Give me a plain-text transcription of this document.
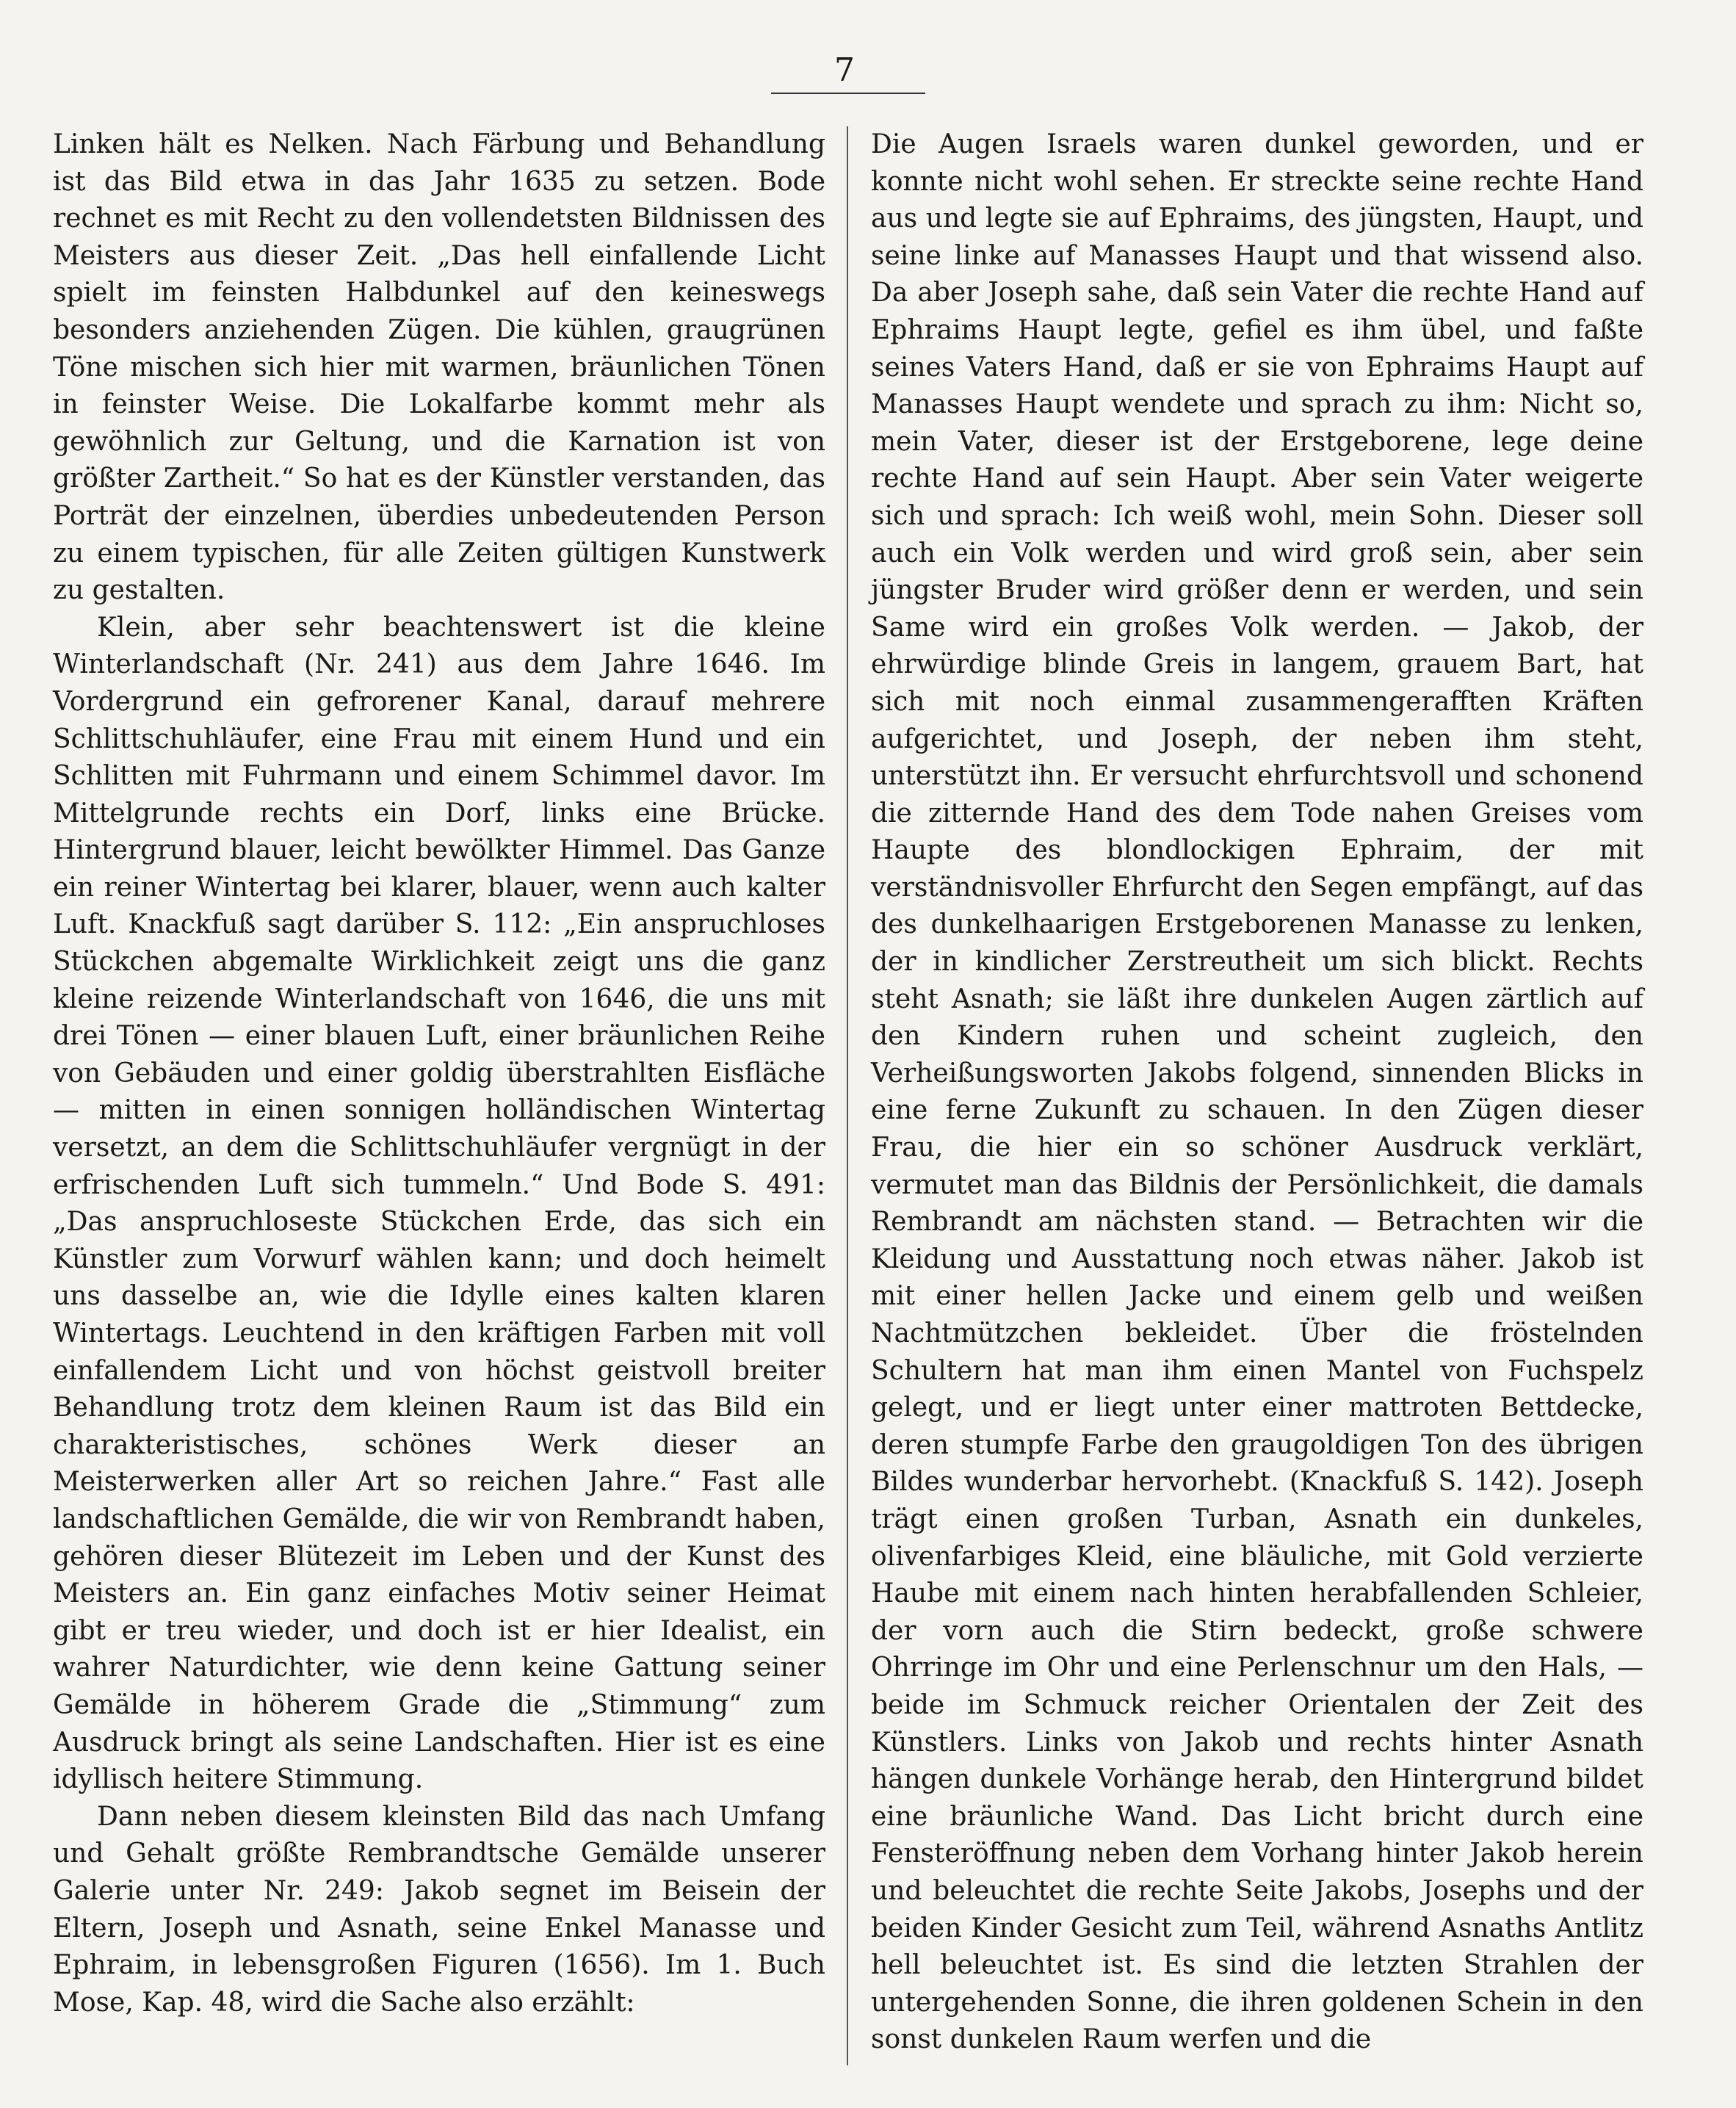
7

Linken hält es Nelken. Nach Färbung und Behandlung ist das Bild etwa in das Jahr 1635 zu setzen. Bode rechnet es mit Recht zu den vollendetsten Bildnissen des Meisters aus dieser Zeit. „Das hell einfallende Licht spielt im feinsten Halbdunkel auf den keineswegs besonders anziehenden Zügen. Die kühlen, graugrünen Töne mischen sich hier mit warmen, bräunlichen Tönen in feinster Weise. Die Lokalfarbe kommt mehr als gewöhnlich zur Geltung, und die Karnation ist von größter Zartheit.“ So hat es der Künstler verstanden, das Porträt der einzelnen, überdies unbedeutenden Person zu einem typischen, für alle Zeiten gültigen Kunstwerk zu gestalten.

Klein, aber sehr beachtenswert ist die kleine Winterlandschaft (Nr. 241) aus dem Jahre 1646. Im Vordergrund ein gefrorener Kanal, darauf mehrere Schlittschuhläufer, eine Frau mit einem Hund und ein Schlitten mit Fuhrmann und einem Schimmel davor. Im Mittelgrunde rechts ein Dorf, links eine Brücke. Hintergrund blauer, leicht bewölkter Himmel. Das Ganze ein reiner Wintertag bei klarer, blauer, wenn auch kalter Luft. Knackfuß sagt darüber S. 112: „Ein anspruchloses Stückchen abgemalte Wirklichkeit zeigt uns die ganz kleine reizende Winterlandschaft von 1646, die uns mit drei Tönen — einer blauen Luft, einer bräunlichen Reihe von Gebäuden und einer goldig überstrahlten Eisfläche — mitten in einen sonnigen holländischen Wintertag versetzt, an dem die Schlittschuhläufer vergnügt in der erfrischenden Luft sich tummeln.“ Und Bode S. 491: „Das anspruchloseste Stückchen Erde, das sich ein Künstler zum Vorwurf wählen kann; und doch heimelt uns dasselbe an, wie die Idylle eines kalten klaren Wintertags. Leuchtend in den kräftigen Farben mit voll einfallendem Licht und von höchst geistvoll breiter Behandlung trotz dem kleinen Raum ist das Bild ein charakteristisches, schönes Werk dieser an Meisterwerken aller Art so reichen Jahre.“ Fast alle landschaftlichen Gemälde, die wir von Rembrandt haben, gehören dieser Blütezeit im Leben und der Kunst des Meisters an. Ein ganz einfaches Motiv seiner Heimat gibt er treu wieder, und doch ist er hier Idealist, ein wahrer Naturdichter, wie denn keine Gattung seiner Gemälde in höherem Grade die „Stimmung“ zum Ausdruck bringt als seine Landschaften. Hier ist es eine idyllisch heitere Stimmung.

Dann neben diesem kleinsten Bild das nach Umfang und Gehalt größte Rembrandtsche Gemälde unserer Galerie unter Nr. 249: Jakob segnet im Beisein der Eltern, Joseph und Asnath, seine Enkel Manasse und Ephraim, in lebensgroßen Figuren (1656). Im 1. Buch Mose, Kap. 48, wird die Sache also erzählt:

Die Augen Israels waren dunkel geworden, und er konnte nicht wohl sehen. Er streckte seine rechte Hand aus und legte sie auf Ephraims, des jüngsten, Haupt, und seine linke auf Manasses Haupt und that wissend also. Da aber Joseph sahe, daß sein Vater die rechte Hand auf Ephraims Haupt legte, gefiel es ihm übel, und faßte seines Vaters Hand, daß er sie von Ephraims Haupt auf Manasses Haupt wendete und sprach zu ihm: Nicht so, mein Vater, dieser ist der Erstgeborene, lege deine rechte Hand auf sein Haupt. Aber sein Vater weigerte sich und sprach: Ich weiß wohl, mein Sohn. Dieser soll auch ein Volk werden und wird groß sein, aber sein jüngster Bruder wird größer denn er werden, und sein Same wird ein großes Volk werden. — Jakob, der ehrwürdige blinde Greis in langem, grauem Bart, hat sich mit noch einmal zusammengerafften Kräften aufgerichtet, und Joseph, der neben ihm steht, unterstützt ihn. Er versucht ehrfurchtsvoll und schonend die zitternde Hand des dem Tode nahen Greises vom Haupte des blondlockigen Ephraim, der mit verständnisvoller Ehrfurcht den Segen empfängt, auf das des dunkelhaarigen Erstgeborenen Manasse zu lenken, der in kindlicher Zerstreutheit um sich blickt. Rechts steht Asnath; sie läßt ihre dunkelen Augen zärtlich auf den Kindern ruhen und scheint zugleich, den Verheißungsworten Jakobs folgend, sinnenden Blicks in eine ferne Zukunft zu schauen. In den Zügen dieser Frau, die hier ein so schöner Ausdruck verklärt, vermutet man das Bildnis der Persönlichkeit, die damals Rembrandt am nächsten stand. — Betrachten wir die Kleidung und Ausstattung noch etwas näher. Jakob ist mit einer hellen Jacke und einem gelb und weißen Nachtmützchen bekleidet. Über die fröstelnden Schultern hat man ihm einen Mantel von Fuchspelz gelegt, und er liegt unter einer mattroten Bettdecke, deren stumpfe Farbe den graugoldigen Ton des übrigen Bildes wunderbar hervorhebt. (Knackfuß S. 142). Joseph trägt einen großen Turban, Asnath ein dunkeles, olivenfarbiges Kleid, eine bläuliche, mit Gold verzierte Haube mit einem nach hinten herabfallenden Schleier, der vorn auch die Stirn bedeckt, große schwere Ohrringe im Ohr und eine Perlenschnur um den Hals, — beide im Schmuck reicher Orientalen der Zeit des Künstlers. Links von Jakob und rechts hinter Asnath hängen dunkele Vorhänge herab, den Hintergrund bildet eine bräunliche Wand. Das Licht bricht durch eine Fensteröffnung neben dem Vorhang hinter Jakob herein und beleuchtet die rechte Seite Jakobs, Josephs und der beiden Kinder Gesicht zum Teil, während Asnaths Antlitz hell beleuchtet ist. Es sind die letzten Strahlen der untergehenden Sonne, die ihren goldenen Schein in den sonst dunkelen Raum werfen und die
